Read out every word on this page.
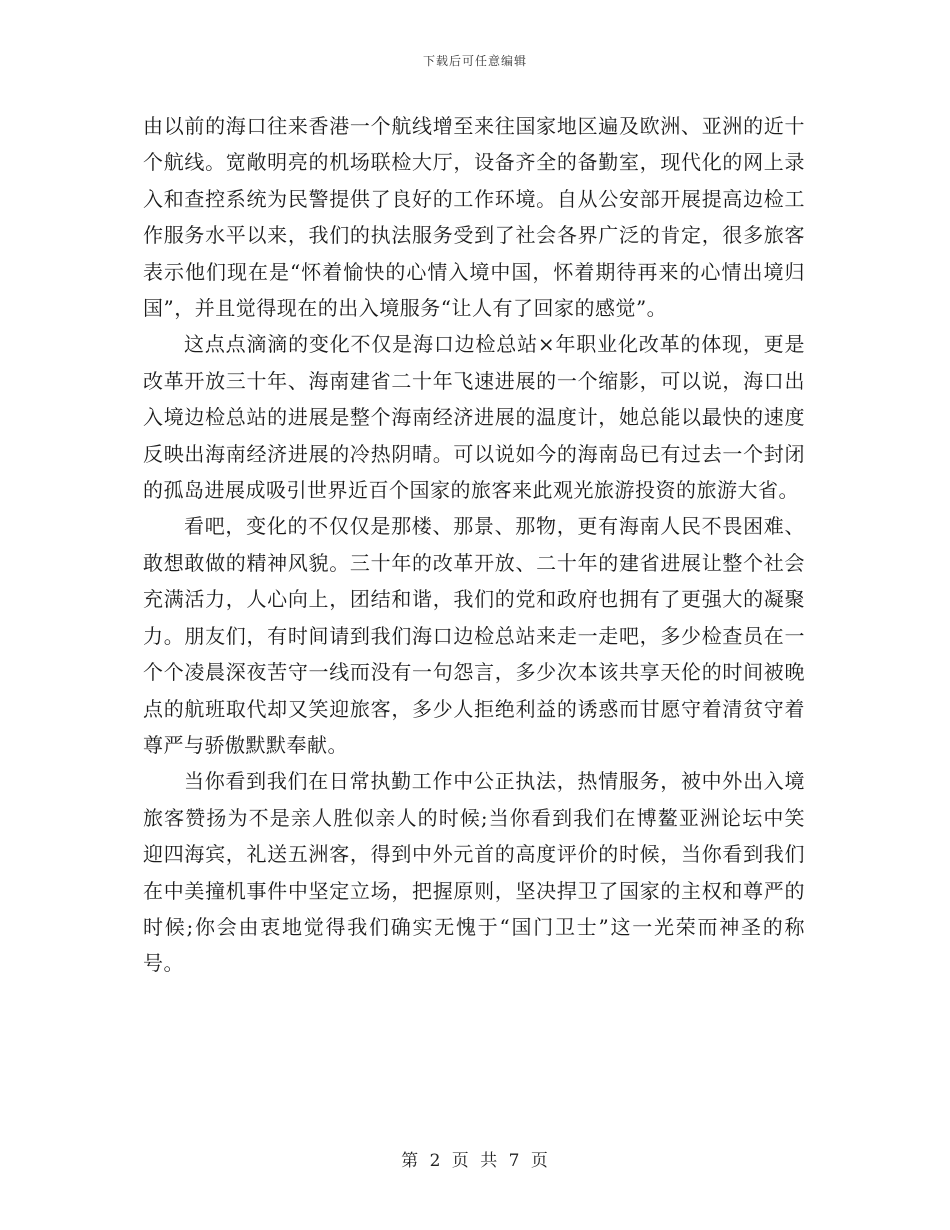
下载后可任意编辑

由以前的海口往来香港一个航线增至来往国家地区遍及欧洲、亚洲的近十个航线。宽敞明亮的机场联检大厅，设备齐全的备勤室，现代化的网上录入和查控系统为民警提供了良好的工作环境。自从公安部开展提高边检工作服务水平以来，我们的执法服务受到了社会各界广泛的肯定，很多旅客表示他们现在是“怀着愉快的心情入境中国，怀着期待再来的心情出境归国”，并且觉得现在的出入境服务“让人有了回家的感觉”。

这点点滴滴的变化不仅是海口边检总站×年职业化改革的体现，更是改革开放三十年、海南建省二十年飞速进展的一个缩影，可以说，海口出入境边检总站的进展是整个海南经济进展的温度计，她总能以最快的速度反映出海南经济进展的冷热阴晴。可以说如今的海南岛已有过去一个封闭的孤岛进展成吸引世界近百个国家的旅客来此观光旅游投资的旅游大省。

看吧，变化的不仅仅是那楼、那景、那物，更有海南人民不畏困难、敢想敢做的精神风貌。三十年的改革开放、二十年的建省进展让整个社会充满活力，人心向上，团结和谐，我们的党和政府也拥有了更强大的凝聚力。朋友们，有时间请到我们海口边检总站来走一走吧，多少检查员在一个个凌晨深夜苦守一线而没有一句怨言，多少次本该共享天伦的时间被晚点的航班取代却又笑迎旅客，多少人拒绝利益的诱惑而甘愿守着清贫守着尊严与骄傲默默奉献。

当你看到我们在日常执勤工作中公正执法，热情服务，被中外出入境旅客赞扬为不是亲人胜似亲人的时候;当你看到我们在博鳌亚洲论坛中笑迎四海宾，礼送五洲客，得到中外元首的高度评价的时候，当你看到我们在中美撞机事件中坚定立场，把握原则，坚决捍卫了国家的主权和尊严的时候;你会由衷地觉得我们确实无愧于“国门卫士”这一光荣而神圣的称号。

第 2 页 共 7 页
